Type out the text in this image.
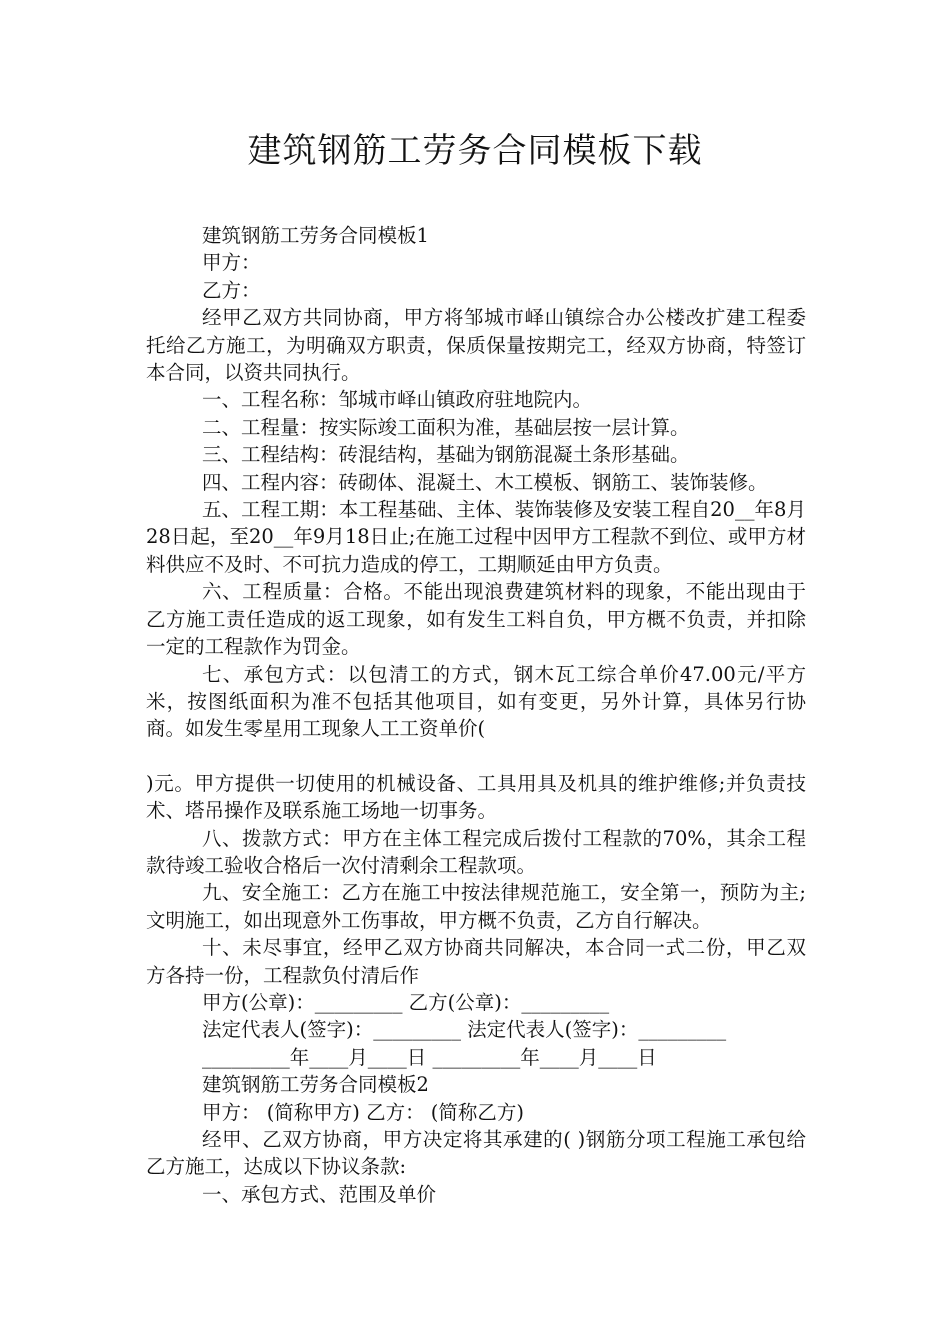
建筑钢筋工劳务合同模板下载

建筑钢筋工劳务合同模板1

甲方：

乙方：

经甲乙双方共同协商，甲方将邹城市峄山镇综合办公楼改扩建工程委托给乙方施工，为明确双方职责，保质保量按期完工，经双方协商，特签订本合同，以资共同执行。

一、工程名称：邹城市峄山镇政府驻地院内。

二、工程量：按实际竣工面积为准，基础层按一层计算。

三、工程结构：砖混结构，基础为钢筋混凝土条形基础。

四、工程内容：砖砌体、混凝土、木工模板、钢筋工、装饰装修。

五、工程工期：本工程基础、主体、装饰装修及安装工程自20__年8月28日起，至20__年9月18日止;在施工过程中因甲方工程款不到位、或甲方材料供应不及时、不可抗力造成的停工，工期顺延由甲方负责。

六、工程质量：合格。不能出现浪费建筑材料的现象，不能出现由于乙方施工责任造成的返工现象，如有发生工料自负，甲方概不负责，并扣除一定的工程款作为罚金。

七、承包方式：以包清工的方式，钢木瓦工综合单价47.00元/平方米，按图纸面积为准不包括其他项目，如有变更，另外计算，具体另行协商。如发生零星用工现象人工工资单价(

)元。甲方提供一切使用的机械设备、工具用具及机具的维护维修;并负责技术、塔吊操作及联系施工场地一切事务。

八、拨款方式：甲方在主体工程完成后拨付工程款的70%，其余工程款待竣工验收合格后一次付清剩余工程款项。

九、安全施工：乙方在施工中按法律规范施工，安全第一，预防为主;文明施工，如出现意外工伤事故，甲方概不负责，乙方自行解决。

十、未尽事宜，经甲乙双方协商共同解决，本合同一式二份，甲乙双方各持一份，工程款负付清后作

甲方(公章)：_________ 乙方(公章)：_________

法定代表人(签字)：_________ 法定代表人(签字)：_________

_________年____月____日 _________年____月____日

建筑钢筋工劳务合同模板2

甲方： (简称甲方) 乙方： (简称乙方)

经甲、乙双方协商，甲方决定将其承建的( )钢筋分项工程施工承包给乙方施工，达成以下协议条款:

一、承包方式、范围及单价
